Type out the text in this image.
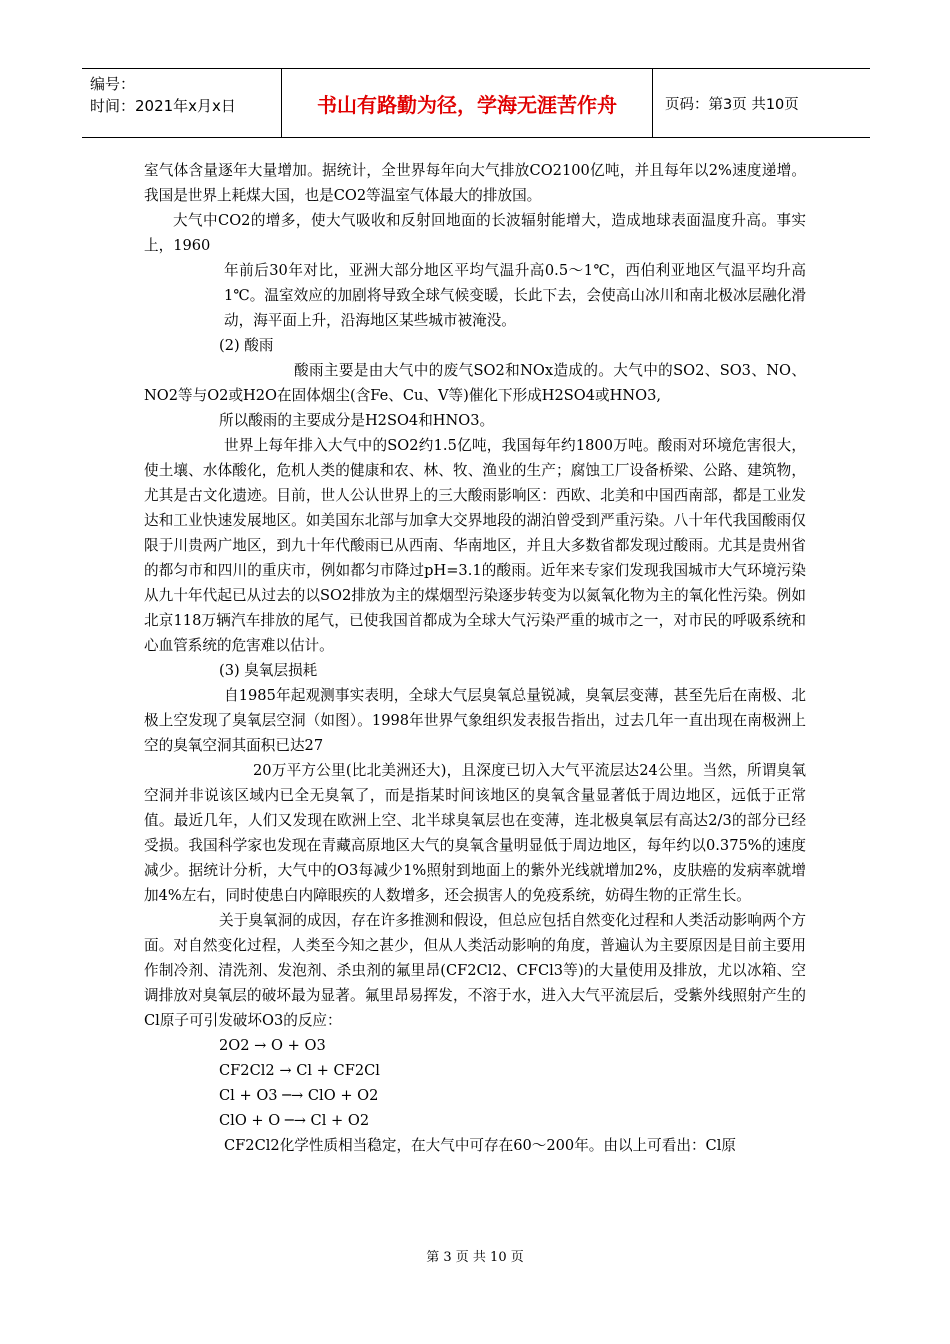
编号：
时间：2021年x月x日	书山有路勤为径，学海无涯苦作舟	页码：第3页 共10页

室气体含量逐年大量增加。据统计，全世界每年向大气排放CO2100亿吨，并且每年以2%速度递增。我国是世界上耗煤大国，也是CO2等温室气体最大的排放国。

大气中CO2的增多，使大气吸收和反射回地面的长波辐射能增大，造成地球表面温度升高。事实上，1960

年前后30年对比，亚洲大部分地区平均气温升高0.5～1℃，西伯利亚地区气温平均升高1℃。温室效应的加剧将导致全球气候变暖，长此下去，会使高山冰川和南北极冰层融化滑动，海平面上升，沿海地区某些城市被淹没。

(2) 酸雨

酸雨主要是由大气中的废气SO2和NOx造成的。大气中的SO2、SO3、NO、NO2等与O2或H2O在固体烟尘(含Fe、Cu、V等)催化下形成H2SO4或HNO3,

所以酸雨的主要成分是H2SO4和HNO3。

世界上每年排入大气中的SO2约1.5亿吨，我国每年约1800万吨。酸雨对环境危害很大，使土壤、水体酸化，危机人类的健康和农、林、牧、渔业的生产；腐蚀工厂设备桥梁、公路、建筑物，尤其是古文化遗迹。目前，世人公认世界上的三大酸雨影响区：西欧、北美和中国西南部，都是工业发达和工业快速发展地区。如美国东北部与加拿大交界地段的湖泊曾受到严重污染。八十年代我国酸雨仅限于川贵两广地区，到九十年代酸雨已从西南、华南地区，并且大多数省都发现过酸雨。尤其是贵州省的都匀市和四川的重庆市，例如都匀市降过pH=3.1的酸雨。近年来专家们发现我国城市大气环境污染从九十年代起已从过去的以SO2排放为主的煤烟型污染逐步转变为以氮氧化物为主的氧化性污染。例如北京118万辆汽车排放的尾气，已使我国首都成为全球大气污染严重的城市之一，对市民的呼吸系统和心血管系统的危害难以估计。

(3) 臭氧层损耗

自1985年起观测事实表明，全球大气层臭氧总量锐减，臭氧层变薄，甚至先后在南极、北极上空发现了臭氧层空洞（如图）。1998年世界气象组织发表报告指出，过去几年一直出现在南极洲上空的臭氧空洞其面积已达27

20万平方公里(比北美洲还大)，且深度已切入大气平流层达24公里。当然，所谓臭氧空洞并非说该区域内已全无臭氧了，而是指某时间该地区的臭氧含量显著低于周边地区，远低于正常值。最近几年，人们又发现在欧洲上空、北半球臭氧层也在变薄，连北极臭氧层有高达2/3的部分已经受损。我国科学家也发现在青藏高原地区大气的臭氧含量明显低于周边地区，每年约以0.375%的速度减少。据统计分析，大气中的O3每减少1%照射到地面上的紫外光线就增加2%，皮肤癌的发病率就增加4%左右，同时使患白内障眼疾的人数增多，还会损害人的免疫系统，妨碍生物的正常生长。

关于臭氧洞的成因，存在许多推测和假设，但总应包括自然变化过程和人类活动影响两个方面。对自然变化过程，人类至今知之甚少，但从人类活动影响的角度，普遍认为主要原因是目前主要用作制冷剂、清洗剂、发泡剂、杀虫剂的氟里昂(CF2Cl2、CFCl3等)的大量使用及排放，尤以冰箱、空调排放对臭氧层的破坏最为显著。氟里昂易挥发，不溶于水，进入大气平流层后，受紫外线照射产生的Cl原子可引发破坏O3的反应：

2O2 → O + O3

CF2Cl2 → Cl + CF2Cl

Cl + O3 ─→ ClO + O2

ClO + O ─→ Cl + O2

CF2Cl2化学性质相当稳定，在大气中可存在60～200年。由以上可看出：Cl原

第 3 页 共 10 页
